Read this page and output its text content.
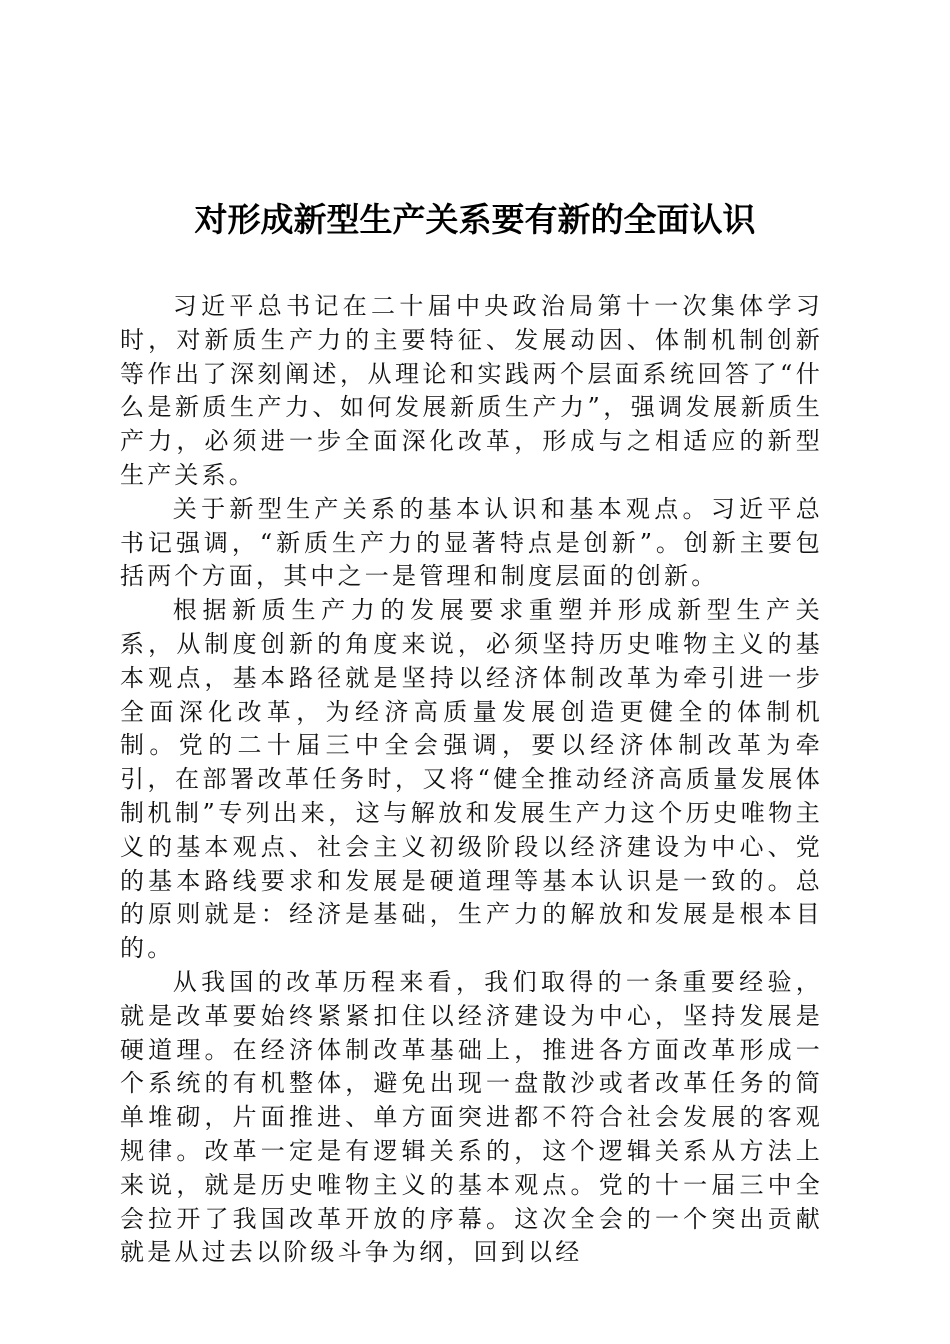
对形成新型生产关系要有新的全面认识

习近平总书记在二十届中央政治局第十一次集体学习时，对新质生产力的主要特征、发展动因、体制机制创新等作出了深刻阐述，从理论和实践两个层面系统回答了“什么是新质生产力、如何发展新质生产力”，强调发展新质生产力，必须进一步全面深化改革，形成与之相适应的新型生产关系。

关于新型生产关系的基本认识和基本观点。习近平总书记强调，“新质生产力的显著特点是创新”。创新主要包括两个方面，其中之一是管理和制度层面的创新。

根据新质生产力的发展要求重塑并形成新型生产关系，从制度创新的角度来说，必须坚持历史唯物主义的基本观点，基本路径就是坚持以经济体制改革为牵引进一步全面深化改革，为经济高质量发展创造更健全的体制机制。党的二十届三中全会强调，要以经济体制改革为牵引，在部署改革任务时，又将“健全推动经济高质量发展体制机制”专列出来，这与解放和发展生产力这个历史唯物主义的基本观点、社会主义初级阶段以经济建设为中心、党的基本路线要求和发展是硬道理等基本认识是一致的。总的原则就是：经济是基础，生产力的解放和发展是根本目的。

从我国的改革历程来看，我们取得的一条重要经验，就是改革要始终紧紧扣住以经济建设为中心，坚持发展是硬道理。在经济体制改革基础上，推进各方面改革形成一个系统的有机整体，避免出现一盘散沙或者改革任务的简单堆砌，片面推进、单方面突进都不符合社会发展的客观规律。改革一定是有逻辑关系的，这个逻辑关系从方法上来说，就是历史唯物主义的基本观点。党的十一届三中全会拉开了我国改革开放的序幕。这次全会的一个突出贡献就是从过去以阶级斗争为纲，回到以经
